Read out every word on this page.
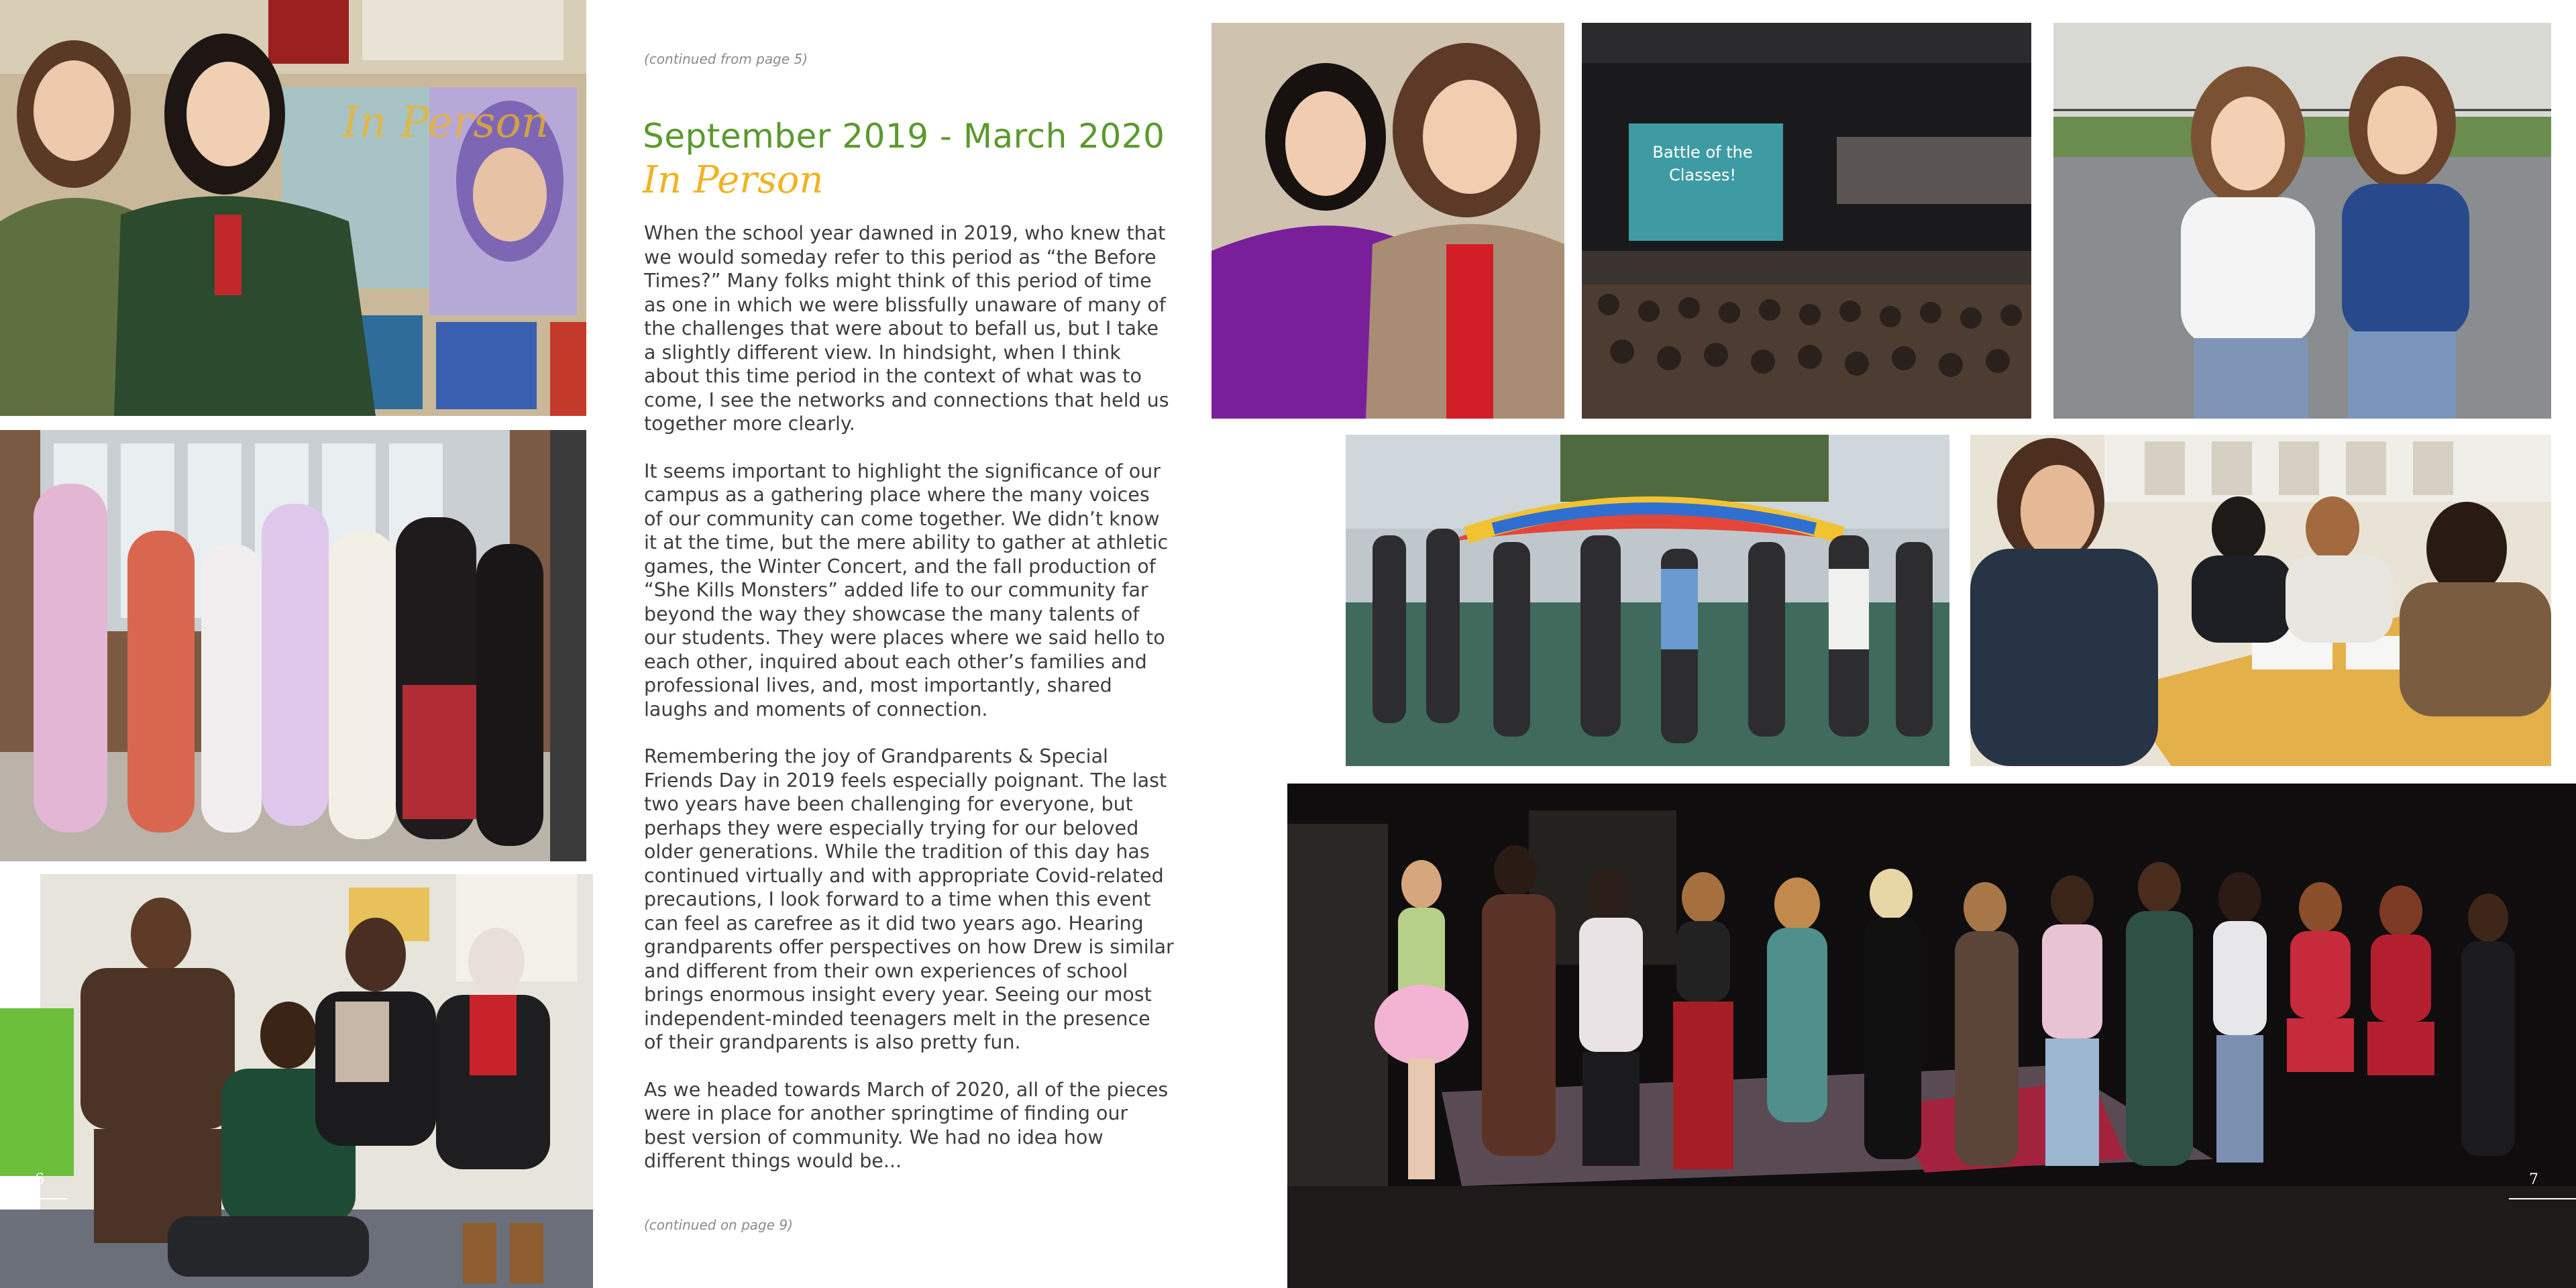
In Person
6
(continued from page 5)
September 2019 - March 2020
In Person

When the school year dawned in 2019, who knew that we would someday refer to this period as “the Before Times?” Many folks might think of this period of time as one in which we were blissfully unaware of many of the challenges that were about to befall us, but I take a slightly different view. In hindsight, when I think about this time period in the context of what was to come, I see the networks and connections that held us together more clearly.

It seems important to highlight the significance of our campus as a gathering place where the many voices of our community can come together. We didn’t know it at the time, but the mere ability to gather at athletic games, the Winter Concert, and the fall production of “She Kills Monsters” added life to our community far beyond the way they showcase the many talents of our students. They were places where we said hello to each other, inquired about each other’s families and professional lives, and, most importantly, shared laughs and moments of connection.

Remembering the joy of Grandparents & Special Friends Day in 2019 feels especially poignant. The last two years have been challenging for everyone, but perhaps they were especially trying for our beloved older generations. While the tradition of this day has continued virtually and with appropriate Covid-related precautions, I look forward to a time when this event can feel as carefree as it did two years ago. Hearing grandparents offer perspectives on how Drew is similar and different from their own experiences of school brings enormous insight every year. Seeing our most independent-minded teenagers melt in the presence of their grandparents is also pretty fun.

As we headed towards March of 2020, all of the pieces were in place for another springtime of finding our best version of community. We had no idea how different things would be...

(continued on page 9)
Battle of the Classes!
7
